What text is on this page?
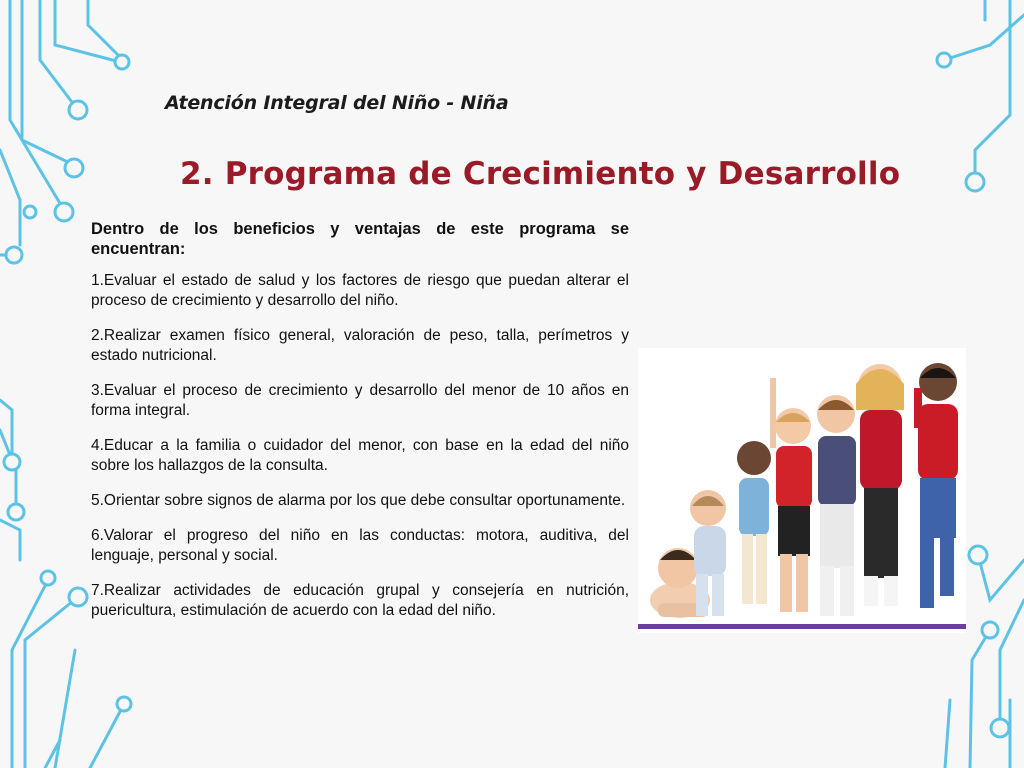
Atención Integral del Niño - Niña
2. Programa de Crecimiento y Desarrollo

Dentro de los beneficios y ventajas de este programa se encuentran:

1.Evaluar el estado de salud y los factores de riesgo que puedan alterar el proceso de crecimiento y desarrollo del niño.

2.Realizar examen físico general, valoración de peso, talla, perímetros y estado nutricional.

3.Evaluar el proceso de crecimiento y desarrollo del menor de 10 años en forma integral.

4.Educar a la familia o cuidador del menor, con base en la edad del niño sobre los hallazgos de la consulta.

5.Orientar sobre signos de alarma por los que debe consultar oportunamente.

6.Valorar el progreso del niño en las conductas: motora, auditiva, del lenguaje, personal y social.

7.Realizar actividades de educación grupal y consejería en nutrición, puericultura, estimulación de acuerdo con la edad del niño.
